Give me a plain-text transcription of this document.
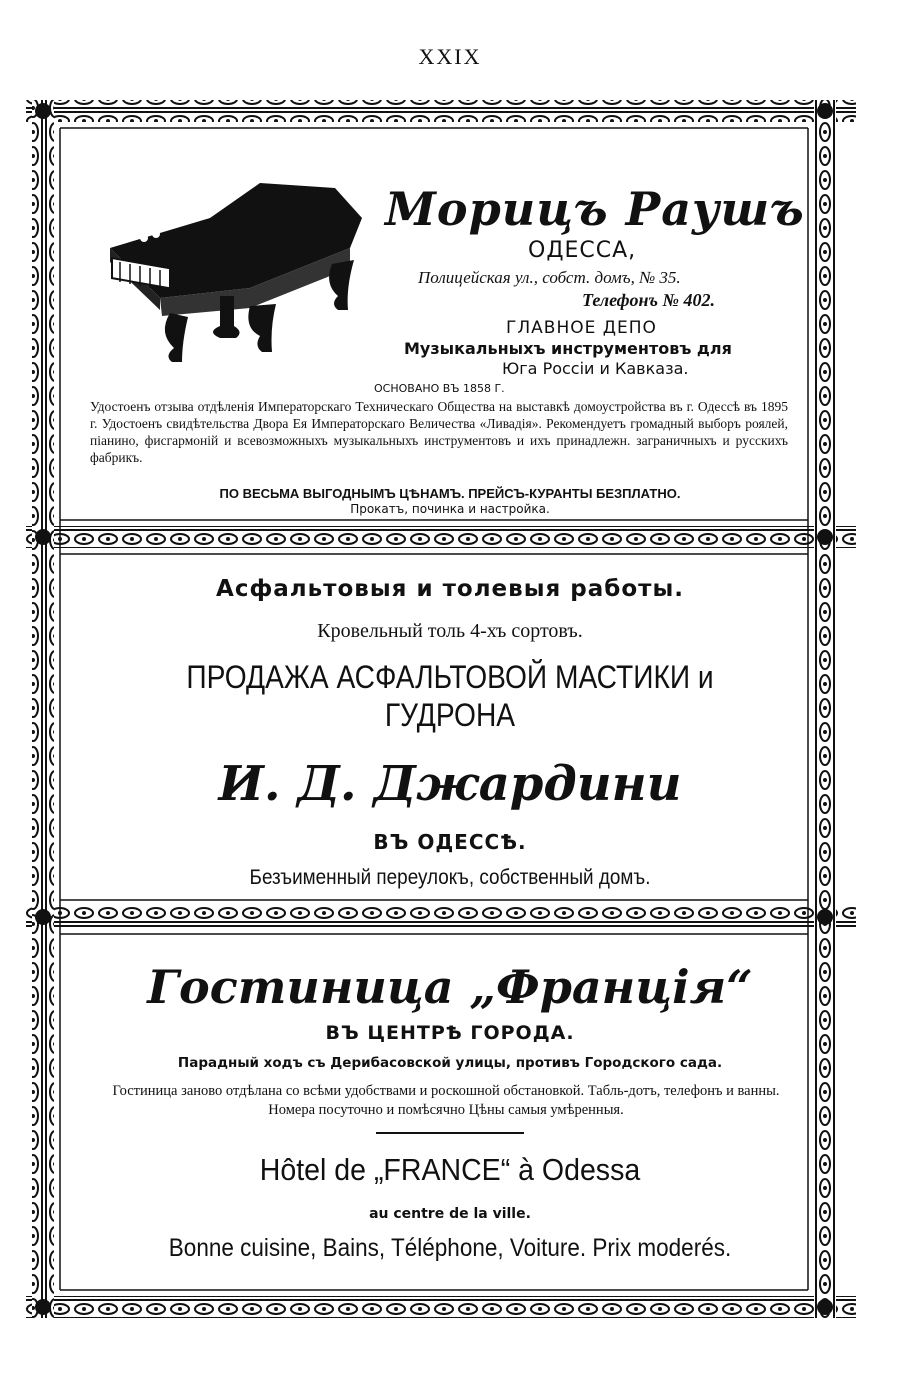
XXIX
Морицъ Раушъ
ОДЕССА,
Полицейская ул., собст. домъ, № 35.
Телефонъ № 402.
ГЛАВНОЕ ДЕПО
Музыкальныхъ инструментовъ для
Юга Россіи и Кавказа.
ОСНОВАНО ВЪ 1858 Г.
Удостоенъ отзыва отдѣленія Императорскаго Техническаго Общества на выставкѣ домоустройства въ г. Одессѣ въ 1895 г. Удостоенъ свидѣтельства Двора Ея Императорскаго Величества «Ливадія». Рекомендуетъ громадный выборъ роялей, піанино, фисгармоній и всевозможныхъ музыкальныхъ инструментовъ и ихъ принадлежн. заграничныхъ и русскихъ фабрикъ.
ПО ВЕСЬМА ВЫГОДНЫМЪ ЦѢНАМЪ. ПРЕЙСЪ-КУРАНТЫ БЕЗПЛАТНО.
Прокатъ, починка и настройка.
Асфальтовыя и толевыя работы.
Кровельный толь 4-хъ сортовъ.
ПРОДАЖА АСФАЛЬТОВОЙ МАСТИКИ и ГУДРОНА
И. Д. Джардини
ВЪ ОДЕССѢ.
Безъименный переулокъ, собственный домъ.
Гостиница „Франція“
ВЪ ЦЕНТРѢ ГОРОДА.
Парадный ходъ съ Дерибасовской улицы, противъ Городского сада.
Гостиница заново отдѣлана со всѣми удобствами и роскошной обстановкой. Табль-дотъ, телефонъ и ванны. Номера посуточно и помѣсячно Цѣны самыя умѣренныя.
Hôtel de „FRANCE“ à Odessa
au centre de la ville.
Bonne cuisine, Bains, Téléphone, Voiture. Prix moderés.
